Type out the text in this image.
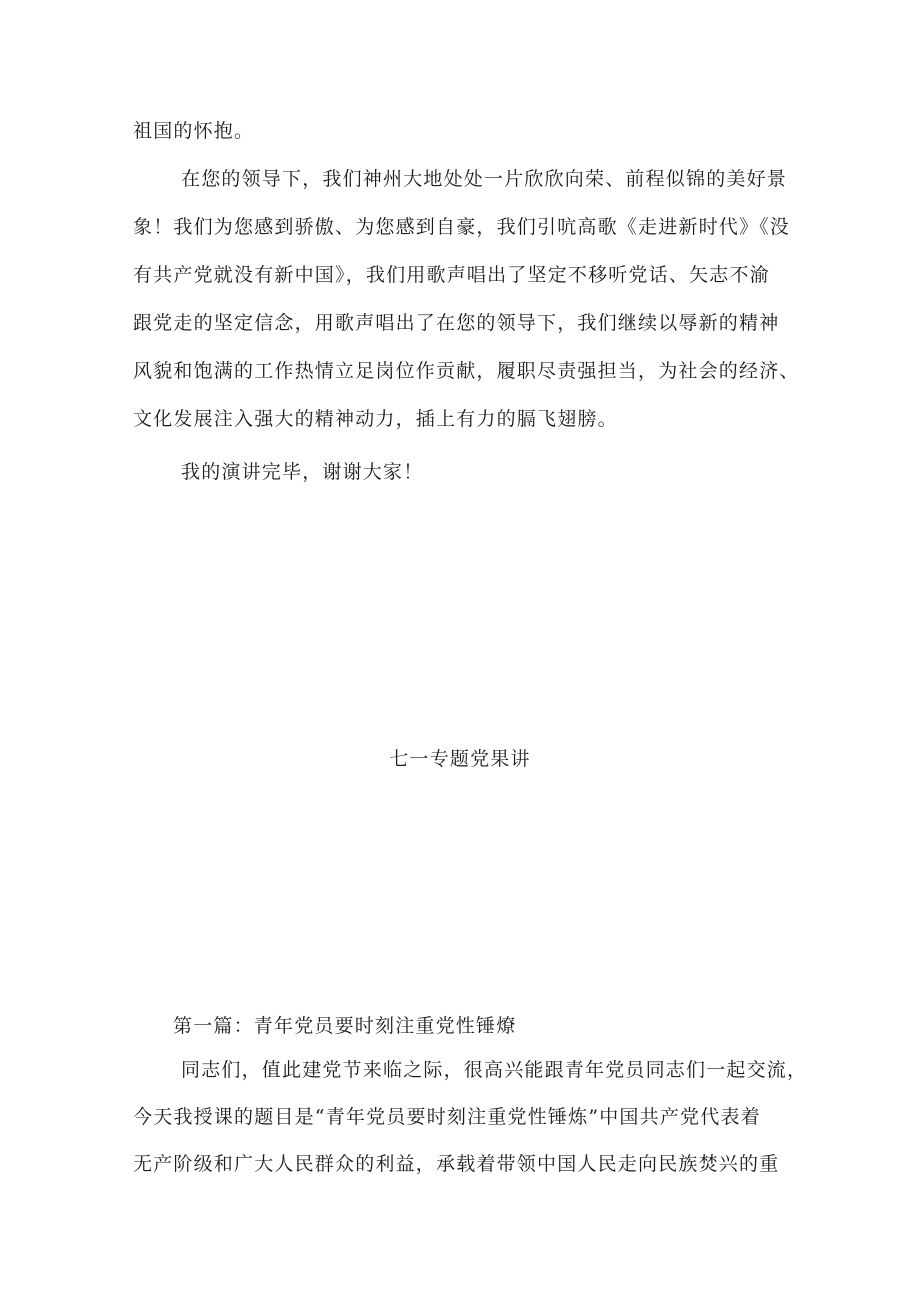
祖国的怀抱。
在您的领导下，我们神州大地处处一片欣欣向荣、前程似锦的美好景
象！我们为您感到骄傲、为您感到自豪，我们引吭高歌《走进新时代》《没
有共产党就没有新中国》，我们用歌声唱出了坚定不移听党话、矢志不渝
跟党走的坚定信念，用歌声唱出了在您的领导下，我们继续以辱新的精神
风貌和饱满的工作热情立足岗位作贡献，履职尽责强担当，为社会的经济、
文化发展注入强大的精神动力，插上有力的膈飞翅膀。
我的演讲完毕，谢谢大家！
七一专题党果讲
第一篇：青年党员要时刻注重党性锤燎
同志们，值此建党节来临之际，很高兴能跟青年党员同志们一起交流，
今天我授课的题目是“青年党员要时刻注重党性锤炼”中国共产党代表着
无产阶级和广大人民群众的利益，承载着带领中国人民走向民族焚兴的重
